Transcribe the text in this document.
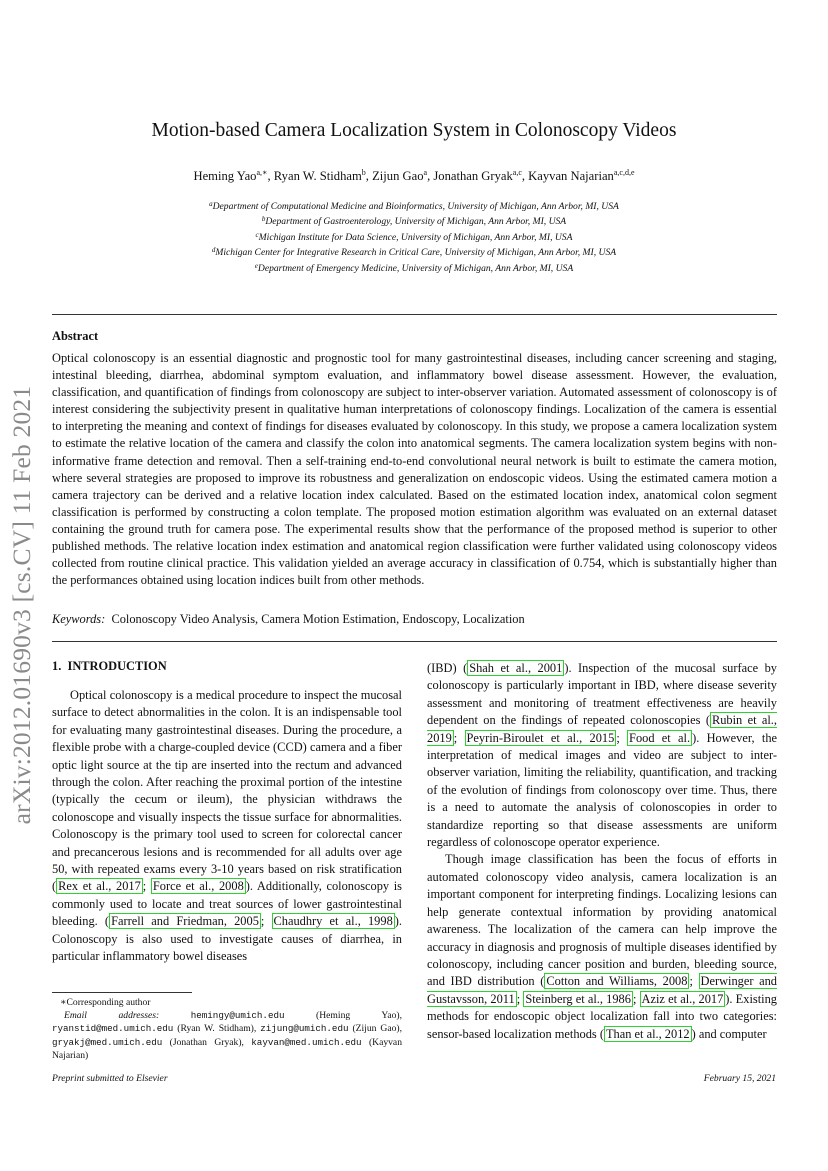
arXiv:2012.01690v3 [cs.CV] 11 Feb 2021
Motion-based Camera Localization System in Colonoscopy Videos
Heming Yao$^{a,∗}$, Ryan W. Stidham$^b$, Zijun Gao$^a$, Jonathan Gryak$^{a,c}$, Kayvan Najarian$^{a,c,d,e}$
$^a$Department of Computational Medicine and Bioinformatics, University of Michigan, Ann Arbor, MI, USA
$^b$Department of Gastroenterology, University of Michigan, Ann Arbor, MI, USA
$^c$Michigan Institute for Data Science, University of Michigan, Ann Arbor, MI, USA
$^d$Michigan Center for Integrative Research in Critical Care, University of Michigan, Ann Arbor, MI, USA
$^e$Department of Emergency Medicine, University of Michigan, Ann Arbor, MI, USA
Abstract
Optical colonoscopy is an essential diagnostic and prognostic tool for many gastrointestinal diseases, including cancer screening and staging, intestinal bleeding, diarrhea, abdominal symptom evaluation, and inflammatory bowel disease assessment. However, the evaluation, classification, and quantification of findings from colonoscopy are subject to inter-observer variation. Automated assessment of colonoscopy is of interest considering the subjectivity present in qualitative human interpretations of colonoscopy findings. Localization of the camera is essential to interpreting the meaning and context of findings for diseases evaluated by colonoscopy. In this study, we propose a camera localization system to estimate the relative location of the camera and classify the colon into anatomical segments. The camera localization system begins with non-informative frame detection and removal. Then a self-training end-to-end convolutional neural network is built to estimate the camera motion, where several strategies are proposed to improve its robustness and generalization on endoscopic videos. Using the estimated camera motion a camera trajectory can be derived and a relative location index calculated. Based on the estimated location index, anatomical colon segment classification is performed by constructing a colon template. The proposed motion estimation algorithm was evaluated on an external dataset containing the ground truth for camera pose. The experimental results show that the performance of the proposed method is superior to other published methods. The relative location index estimation and anatomical region classification were further validated using colonoscopy videos collected from routine clinical practice. This validation yielded an average accuracy in classification of 0.754, which is substantially higher than the performances obtained using location indices built from other methods.
Keywords: Colonoscopy Video Analysis, Camera Motion Estimation, Endoscopy, Localization
1. INTRODUCTION

Optical colonoscopy is a medical procedure to inspect the mucosal surface to detect abnormalities in the colon. It is an indispensable tool for evaluating many gastrointestinal diseases. During the procedure, a flexible probe with a charge-coupled device (CCD) camera and a fiber optic light source at the tip are inserted into the rectum and advanced through the colon. After reaching the proximal portion of the intestine (typically the cecum or ileum), the physician withdraws the colonoscope and visually inspects the tissue surface for abnormalities. Colonoscopy is the primary tool used to screen for colorectal cancer and precancerous lesions and is recommended for all adults over age 50, with repeated exams every 3-10 years based on risk stratification ( Rex et al., 2017 ; Force et al., 2008 ). Additionally, colonoscopy is commonly used to locate and treat sources of lower gastrointestinal bleeding. ( Farrell and Friedman, 2005 ; Chaudhry et al., 1998 ). Colonoscopy is also used to investigate causes of diarrhea, in particular inflammatory bowel diseases

(IBD) ( Shah et al., 2001 ). Inspection of the mucosal surface by colonoscopy is particularly important in IBD, where disease severity assessment and monitoring of treatment effectiveness are heavily dependent on the findings of repeated colonoscopies ( Rubin et al., 2019 ; Peyrin-Biroulet et al., 2015 ; Food et al. ). However, the interpretation of medical images and video are subject to inter-observer variation, limiting the reliability, quantification, and tracking of the evolution of findings from colonoscopy over time. Thus, there is a need to automate the analysis of colonoscopies in order to standardize reporting so that disease assessments are uniform regardless of colonoscope operator experience.

Though image classification has been the focus of efforts in automated colonoscopy video analysis, camera localization is an important component for interpreting findings. Localizing lesions can help generate contextual information by providing anatomical awareness. The localization of the camera can help improve the accuracy in diagnosis and prognosis of multiple diseases identified by colonoscopy, including cancer position and burden, bleeding source, and IBD distribution ( Cotton and Williams, 2008 ; Derwinger and Gustavsson, 2011 ; Steinberg et al., 1986 ; Aziz et al., 2017 ). Existing methods for endoscopic object localization fall into two categories: sensor-based localization methods ( Than et al., 2012 ) and computer

∗Corresponding author
Email addresses:	hemingy@umich.edu (Heming Yao), ryanstid@med.umich.edu (Ryan W. Stidham), zijung@umich.edu (Zijun Gao), gryakj@med.umich.edu (Jonathan Gryak), kayvan@med.umich.edu (Kayvan Najarian)
Preprint submitted to Elsevier	February 15, 2021
